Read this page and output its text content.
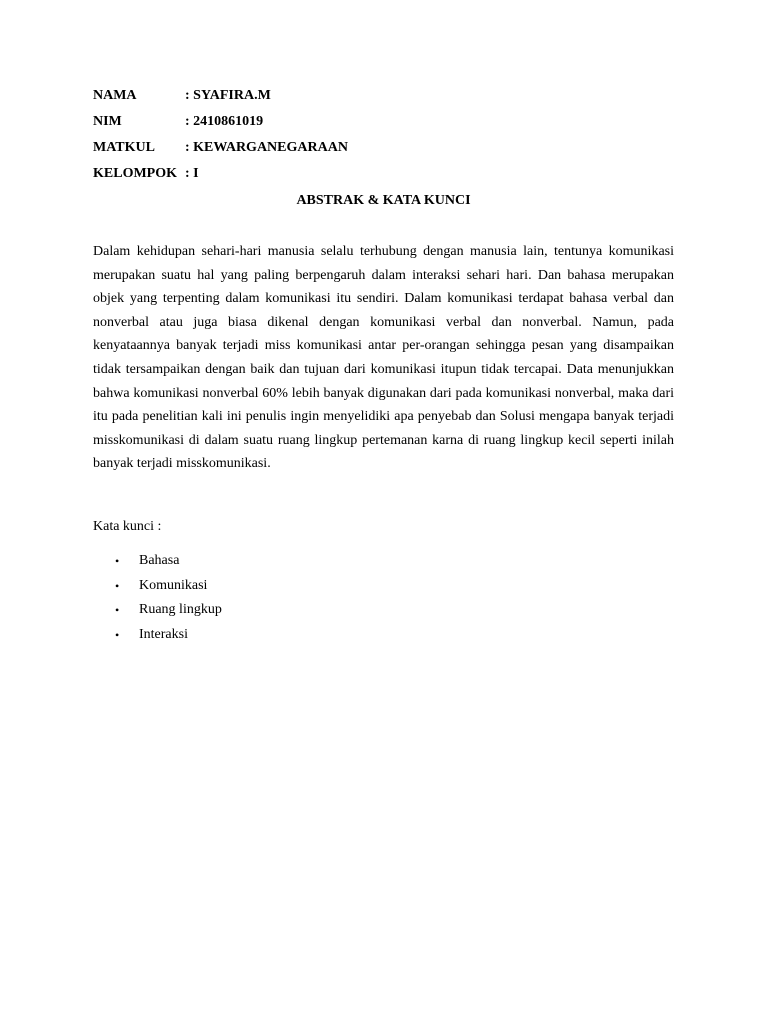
NAMA	: SYAFIRA.M
NIM	: 2410861019
MATKUL	: KEWARGANEGARAAN
KELOMPOK : I
ABSTRAK & KATA KUNCI

Dalam kehidupan sehari-hari manusia selalu terhubung dengan manusia lain, tentunya komunikasi merupakan suatu hal yang paling berpengaruh dalam interaksi sehari hari. Dan bahasa merupakan objek yang terpenting dalam komunikasi itu sendiri. Dalam komunikasi terdapat bahasa verbal dan nonverbal atau juga biasa dikenal dengan komunikasi verbal dan nonverbal. Namun, pada kenyataannya banyak terjadi miss komunikasi antar per-orangan sehingga pesan yang disampaikan tidak tersampaikan dengan baik dan tujuan dari komunikasi itupun tidak tercapai. Data menunjukkan bahwa komunikasi nonverbal 60% lebih banyak digunakan dari pada komunikasi nonverbal, maka dari itu pada penelitian kali ini penulis ingin menyelidiki apa penyebab dan Solusi mengapa banyak terjadi misskomunikasi di dalam suatu ruang lingkup pertemanan karna di ruang lingkup kecil seperti inilah banyak terjadi misskomunikasi.

Kata kunci :
•	Bahasa
•	Komunikasi
•	Ruang lingkup
•	Interaksi
